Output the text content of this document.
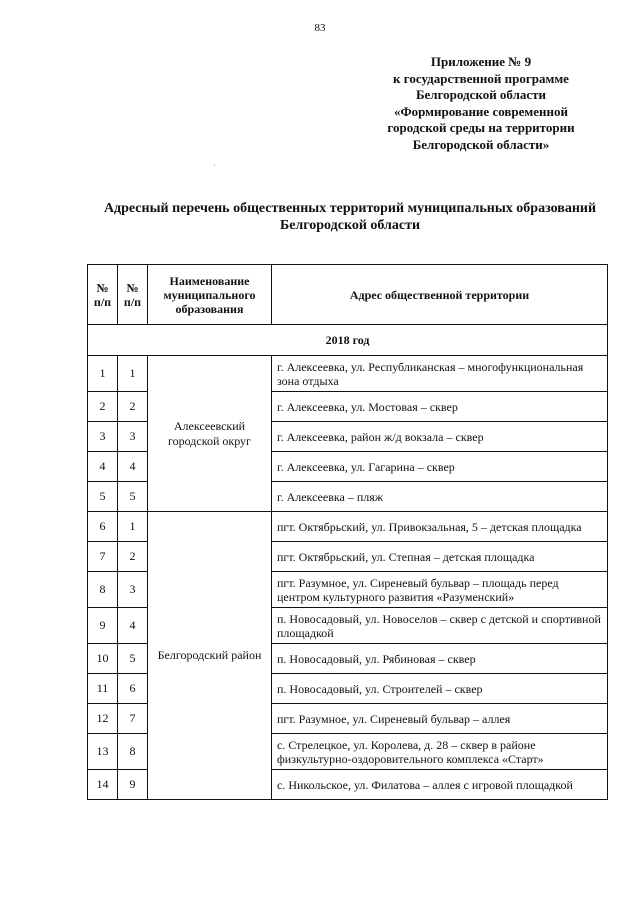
83
Приложение № 9
к государственной программе
Белгородской области
«Формирование современной
городской среды на территории
Белгородской области»
·
Адресный перечень общественных территорий муниципальных образований
Белгородской области
№ п/п	№ п/п	Наименование муниципального образования	Адрес общественной территории
2018 год			
1	1	Алексеевский городской округ	г. Алексеевка, ул. Республиканская – многофункциональная зона отдыха
2	2		г. Алексеевка, ул. Мостовая – сквер
3	3		г. Алексеевка, район ж/д вокзала – сквер
4	4		г. Алексеевка, ул. Гагарина – сквер
5	5		г. Алексеевка – пляж
6	1	Белгородский район	пгт. Октябрьский, ул. Привокзальная, 5 – детская площадка
7	2		пгт. Октябрьский, ул. Степная – детская площадка
8	3		пгт. Разумное, ул. Сиреневый бульвар – площадь перед центром культурного развития «Разуменский»
9	4		п. Новосадовый, ул. Новоселов – сквер с детской и спортивной площадкой
10	5		п. Новосадовый, ул. Рябиновая – сквер
11	6		п. Новосадовый, ул. Строителей – сквер
12	7		пгт. Разумное, ул. Сиреневый бульвар – аллея
13	8		с. Стрелецкое, ул. Королева, д. 28 – сквер в районе физкультурно-оздоровительного комплекса «Старт»
14	9		с. Никольское, ул. Филатова – аллея с игровой площадкой
